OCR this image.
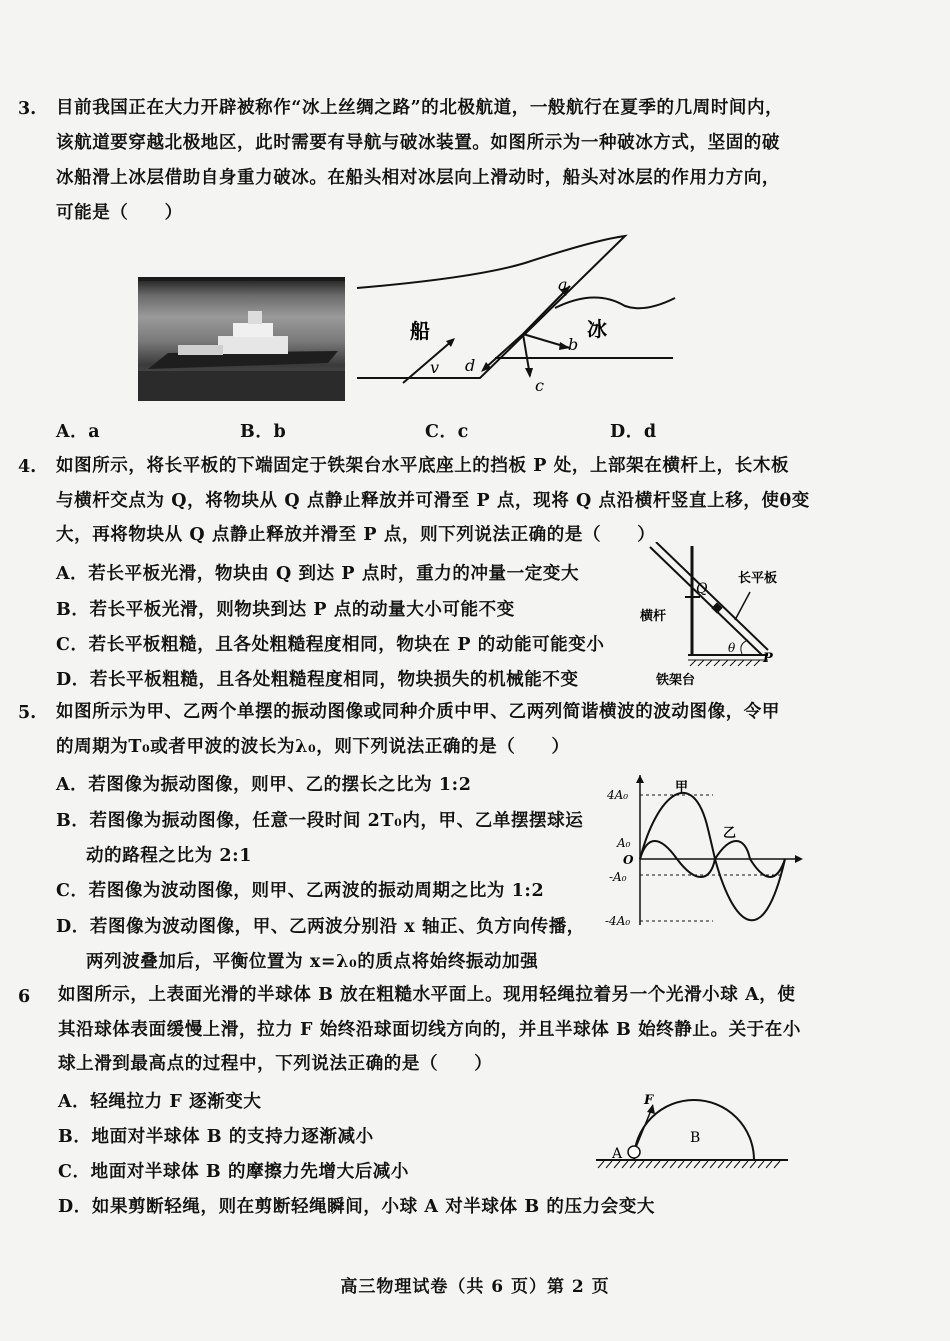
3. 目前我国正在大力开辟被称作“冰上丝绸之路”的北极航道，一般航行在夏季的几周时间内，
该航道要穿越北极地区，此时需要有导航与破冰装置。如图所示为一种破冰方式，坚固的破
冰船滑上冰层借助自身重力破冰。在船头相对冰层向上滑动时，船头对冰层的作用力方向，
可能是（　　）
船	冰
v
a
b
c
d
A．a	B．b	C．c	D．d
4. 如图所示，将长平板的下端固定于铁架台水平底座上的挡板 P 处，上部架在横杆上，长木板
与横杆交点为 Q，将物块从 Q 点静止释放并可滑至 P 点，现将 Q 点沿横杆竖直上移，使θ变
大，再将物块从 Q 点静止释放并滑至 P 点，则下列说法正确的是（　　）
A．若长平板光滑，物块由 Q 到达 P 点时，重力的冲量一定变大
B．若长平板光滑，则物块到达 P 点的动量大小可能不变
C．若长平板粗糙，且各处粗糙程度相同，物块在 P 的动能可能变小
D．若长平板粗糙，且各处粗糙程度相同，物块损失的机械能不变
Q
P
θ
长平板
横杆
铁架台
5. 如图所示为甲、乙两个单摆的振动图像或同种介质中甲、乙两列简谐横波的波动图像，令甲
的周期为T₀或者甲波的波长为λ₀，则下列说法正确的是（　　）
A．若图像为振动图像，则甲、乙的摆长之比为 1:2
B．若图像为振动图像，任意一段时间 2T₀内，甲、乙单摆摆球运
动的路程之比为 2:1
C．若图像为波动图像，则甲、乙两波的振动周期之比为 1:2
D．若图像为波动图像，甲、乙两波分别沿 x 轴正、负方向传播，
两列波叠加后，平衡位置为 x=λ₀的质点将始终振动加强
4A₀
A₀
O
-A₀
-4A₀
甲
乙
6 如图所示，上表面光滑的半球体 B 放在粗糙水平面上。现用轻绳拉着另一个光滑小球 A，使
其沿球体表面缓慢上滑，拉力 F 始终沿球面切线方向的，并且半球体 B 始终静止。关于在小
球上滑到最高点的过程中，下列说法正确的是（　　）
A．轻绳拉力 F 逐渐变大
B．地面对半球体 B 的支持力逐渐减小
C．地面对半球体 B 的摩擦力先增大后减小
D．如果剪断轻绳，则在剪断轻绳瞬间，小球 A 对半球体 B 的压力会变大
F
A
B
高三物理试卷（共 6 页）第 2 页
